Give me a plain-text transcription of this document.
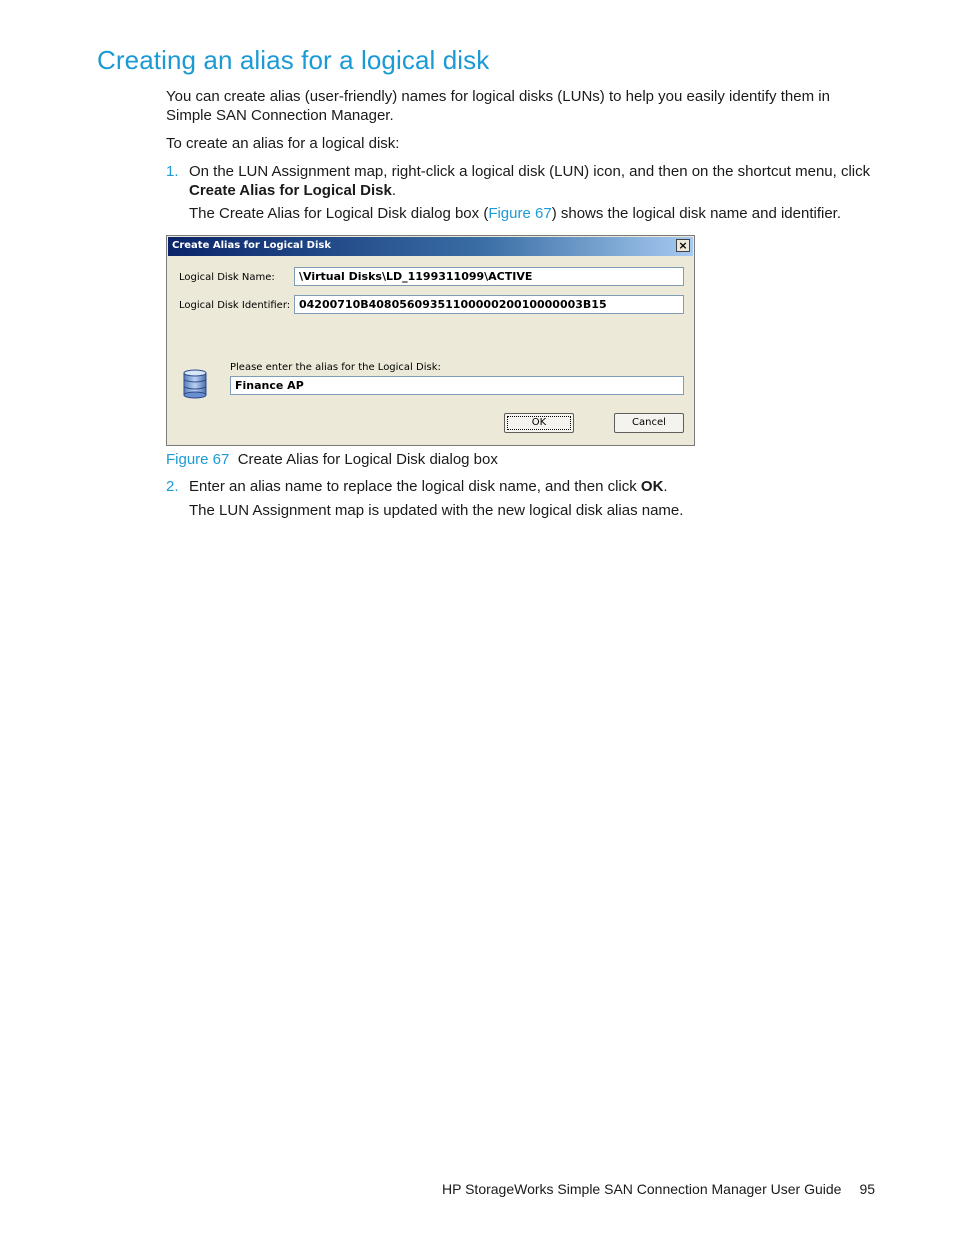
Creating an alias for a logical disk

You can create alias (user-friendly) names for logical disks (LUNs) to help you easily identify them in Simple SAN Connection Manager.

To create an alias for a logical disk:

1. On the LUN Assignment map, right-click a logical disk (LUN) icon, and then on the shortcut menu, click Create Alias for Logical Disk.

The Create Alias for Logical Disk dialog box (Figure 67) shows the logical disk name and identifier.

Create Alias for Logical Disk	×
Logical Disk Name:	\Virtual Disks\LD_1199311099\ACTIVE
Logical Disk Identifier: 04200710B4080560935110000020010000003B15
Please enter the alias for the Logical Disk:
Finance AP
OK	Cancel
Figure 67 Create Alias for Logical Disk dialog box
2. Enter an alias name to replace the logical disk name, and then click OK.

The LUN Assignment map is updated with the new logical disk alias name.

HP StorageWorks Simple SAN Connection Manager User Guide 95
